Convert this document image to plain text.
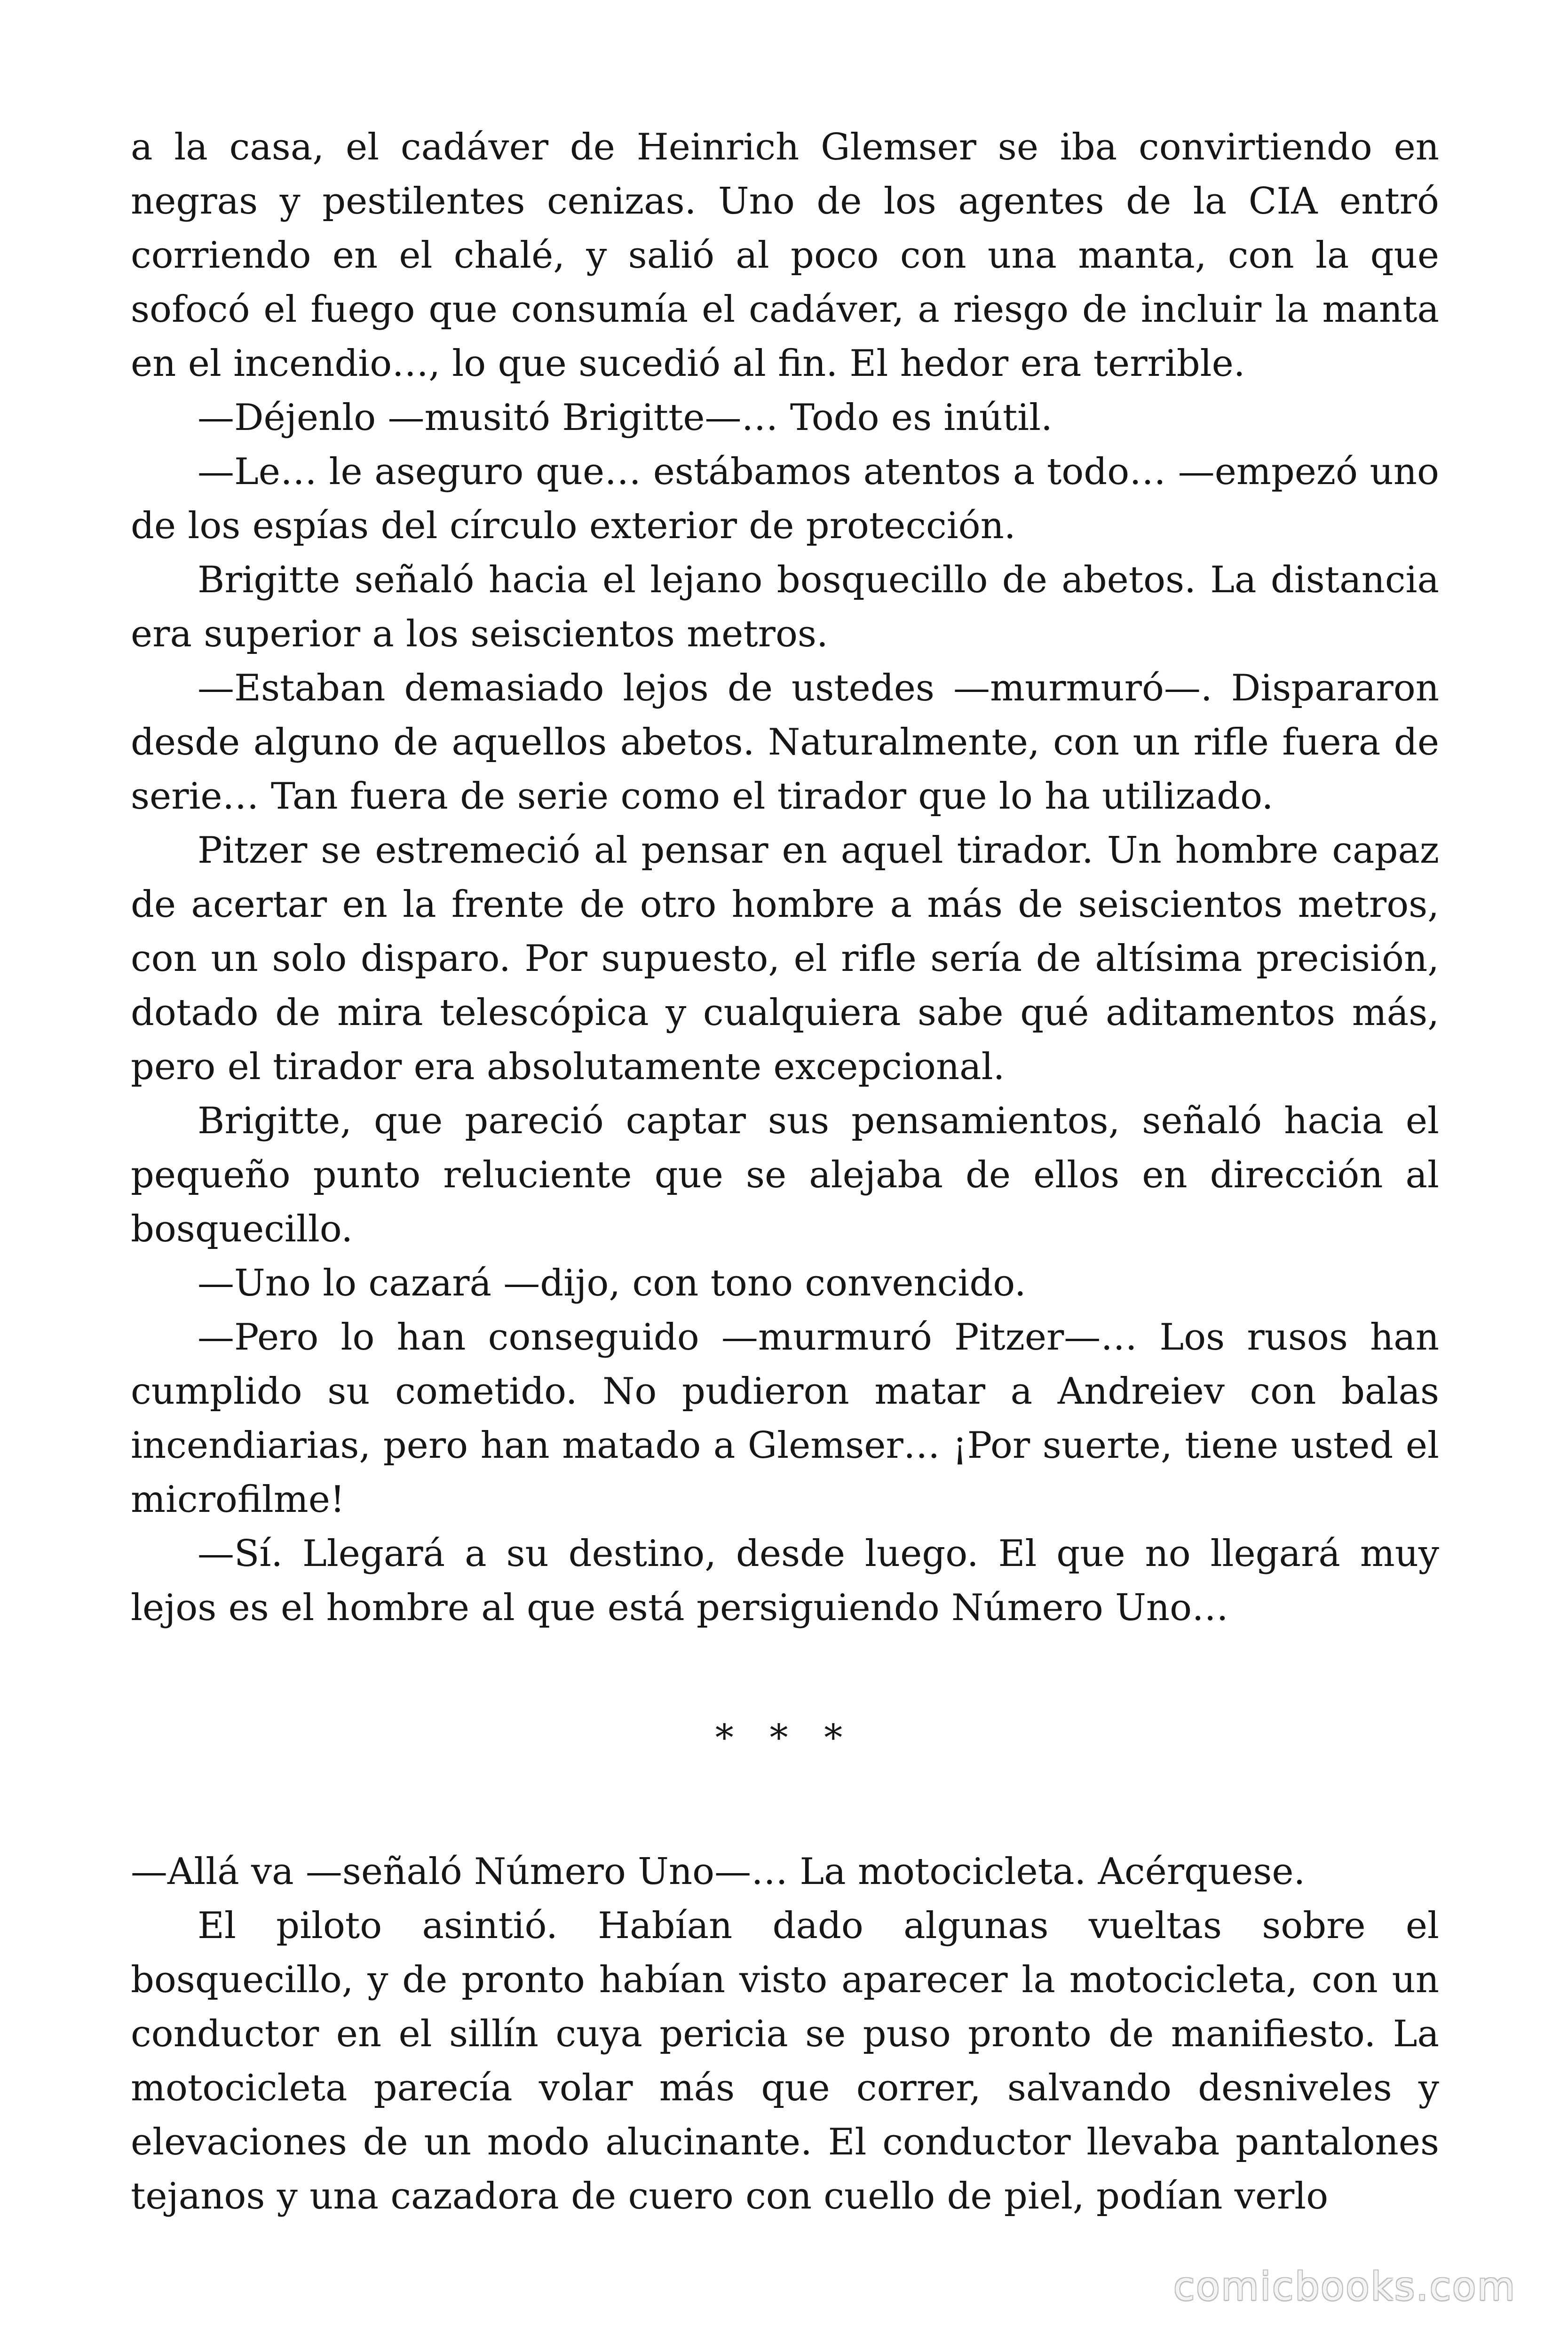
a la casa, el cadáver de Heinrich Glemser se iba convirtiendo en negras y pestilentes cenizas. Uno de los agentes de la CIA entró corriendo en el chalé, y salió al poco con una manta, con la que sofocó el fuego que consumía el cadáver, a riesgo de incluir la manta en el incendio…, lo que sucedió al fin. El hedor era terrible.

—Déjenlo —musitó Brigitte—… Todo es inútil.

—Le… le aseguro que… estábamos atentos a todo… —empezó uno de los espías del círculo exterior de protección.

Brigitte señaló hacia el lejano bosquecillo de abetos. La distancia era superior a los seiscientos metros.

—Estaban demasiado lejos de ustedes —murmuró—. Dispararon desde alguno de aquellos abetos. Naturalmente, con un rifle fuera de serie… Tan fuera de serie como el tirador que lo ha utilizado.

Pitzer se estremeció al pensar en aquel tirador. Un hombre capaz de acertar en la frente de otro hombre a más de seiscientos metros, con un solo disparo. Por supuesto, el rifle sería de altísima precisión, dotado de mira telescópica y cualquiera sabe qué aditamentos más, pero el tirador era absolutamente excepcional.

Brigitte, que pareció captar sus pensamientos, señaló hacia el pequeño punto reluciente que se alejaba de ellos en dirección al bosquecillo.

—Uno lo cazará —dijo, con tono convencido.

—Pero lo han conseguido —murmuró Pitzer—… Los rusos han cumplido su cometido. No pudieron matar a Andreiev con balas incendiarias, pero han matado a Glemser… ¡Por suerte, tiene usted el microfilme!

—Sí. Llegará a su destino, desde luego. El que no llegará muy lejos es el hombre al que está persiguiendo Número Uno…

* * *

—Allá va —señaló Número Uno—… La motocicleta. Acérquese.

El piloto asintió. Habían dado algunas vueltas sobre el bosquecillo, y de pronto habían visto aparecer la motocicleta, con un conductor en el sillín cuya pericia se puso pronto de manifiesto. La motocicleta parecía volar más que correr, salvando desniveles y elevaciones de un modo alucinante. El conductor llevaba pantalones tejanos y una cazadora de cuero con cuello de piel, podían verlo

comicbooks.com
